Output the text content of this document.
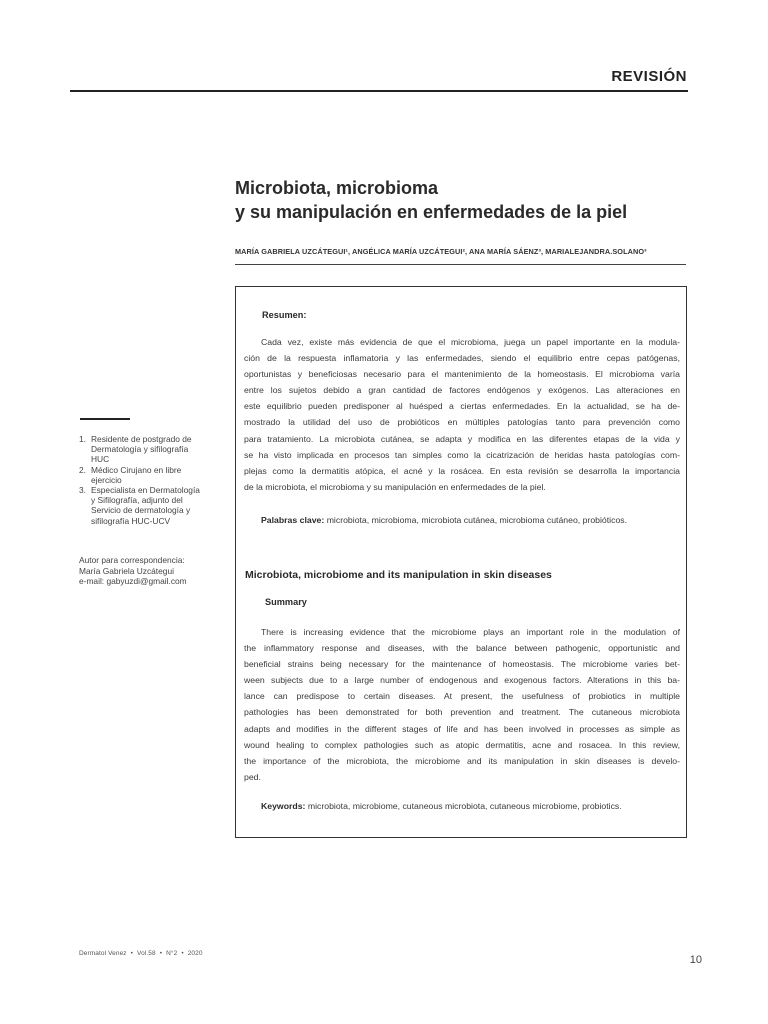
REVISIÓN
Microbiota, microbioma
y su manipulación en enfermedades de la piel
MARÍA GABRIELA UZCÁTEGUI¹, ANGÉLICA MARÍA UZCÁTEGUI², ANA MARÍA SÁENZ³, MARIALEJANDRA.SOLANO³
1. Residente de postgrado de
Dermatología y sifilografía
HUC
2. Médico Cirujano en libre
ejercicio
3. Especialista en Dermatología
y Sifilografía, adjunto del
Servicio de dermatología y
sifilografía HUC-UCV
Autor para correspondencia:
María Gabriela Uzcátegui
e-mail: gabyuzdi@gmail.com
Resumen:
Cada vez, existe más evidencia de que el microbioma, juega un papel importante en la modula-
ción de la respuesta inflamatoria y las enfermedades, siendo el equilibrio entre cepas patógenas,
oportunistas y beneficiosas necesario para el mantenimiento de la homeostasis. El microbioma varía
entre los sujetos debido a gran cantidad de factores endógenos y exógenos. Las alteraciones en
este equilibrio pueden predisponer al huésped a ciertas enfermedades. En la actualidad, se ha de-
mostrado la utilidad del uso de probióticos en múltiples patologías tanto para prevención como
para tratamiento. La microbiota cutánea, se adapta y modifica en las diferentes etapas de la vida y
se ha visto implicada en procesos tan simples como la cicatrización de heridas hasta patologías com-
plejas como la dermatitis atópica, el acné y la rosácea. En esta revisión se desarrolla la importancia
de la microbiota, el microbioma y su manipulación en enfermedades de la piel.
Palabras clave: microbiota, microbioma, microbiota cutánea, microbioma cutáneo, probióticos.
Microbiota, microbiome and its manipulation in skin diseases
Summary
There is increasing evidence that the microbiome plays an important role in the modulation of
the inflammatory response and diseases, with the balance between pathogenic, opportunistic and
beneficial strains being necessary for the maintenance of homeostasis. The microbiome varies bet-
ween subjects due to a large number of endogenous and exogenous factors. Alterations in this ba-
lance can predispose to certain diseases. At present, the usefulness of probiotics in multiple
pathologies has been demonstrated for both prevention and treatment. The cutaneous microbiota
adapts and modifies in the different stages of life and has been involved in processes as simple as
wound healing to complex pathologies such as atopic dermatitis, acne and rosacea. In this review,
the importance of the microbiota, the microbiome and its manipulation in skin diseases is develo-
ped.
Keywords: microbiota, microbiome, cutaneous microbiota, cutaneous microbiome, probiotics.
Dermatol Venez • Vol.58 • N°2 • 2020
10
